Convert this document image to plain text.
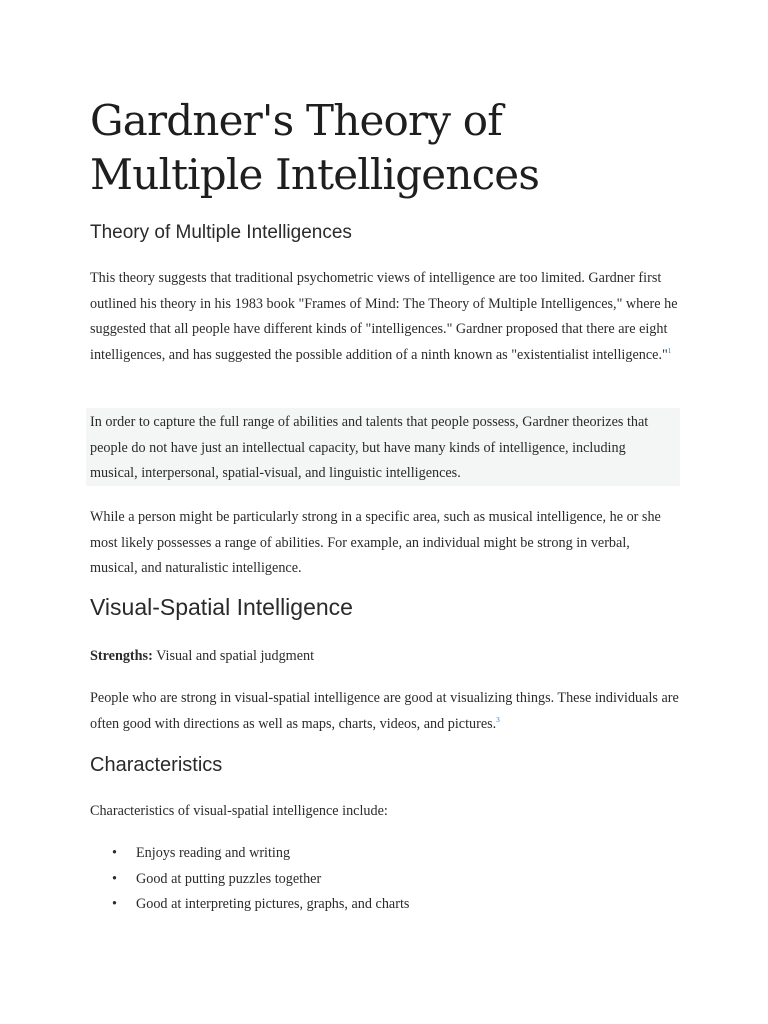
Gardner's Theory of Multiple Intelligences
Theory of Multiple Intelligences

This theory suggests that traditional psychometric views of intelligence are too limited. Gardner first outlined his theory in his 1983 book "Frames of Mind: The Theory of Multiple Intelligences," where he suggested that all people have different kinds of "intelligences." Gardner proposed that there are eight intelligences, and has suggested the possible addition of a ninth known as "existentialist intelligence."$^1$

In order to capture the full range of abilities and talents that people possess, Gardner theorizes that people do not have just an intellectual capacity, but have many kinds of intelligence, including musical, interpersonal, spatial-visual, and linguistic intelligences.

While a person might be particularly strong in a specific area, such as musical intelligence, he or she most likely possesses a range of abilities. For example, an individual might be strong in verbal, musical, and naturalistic intelligence.

Visual-Spatial Intelligence

Strengths: Visual and spatial judgment

People who are strong in visual-spatial intelligence are good at visualizing things. These individuals are often good with directions as well as maps, charts, videos, and pictures.$^3$

Characteristics

Characteristics of visual-spatial intelligence include:

• Enjoys reading and writing
• Good at putting puzzles together
• Good at interpreting pictures, graphs, and charts
